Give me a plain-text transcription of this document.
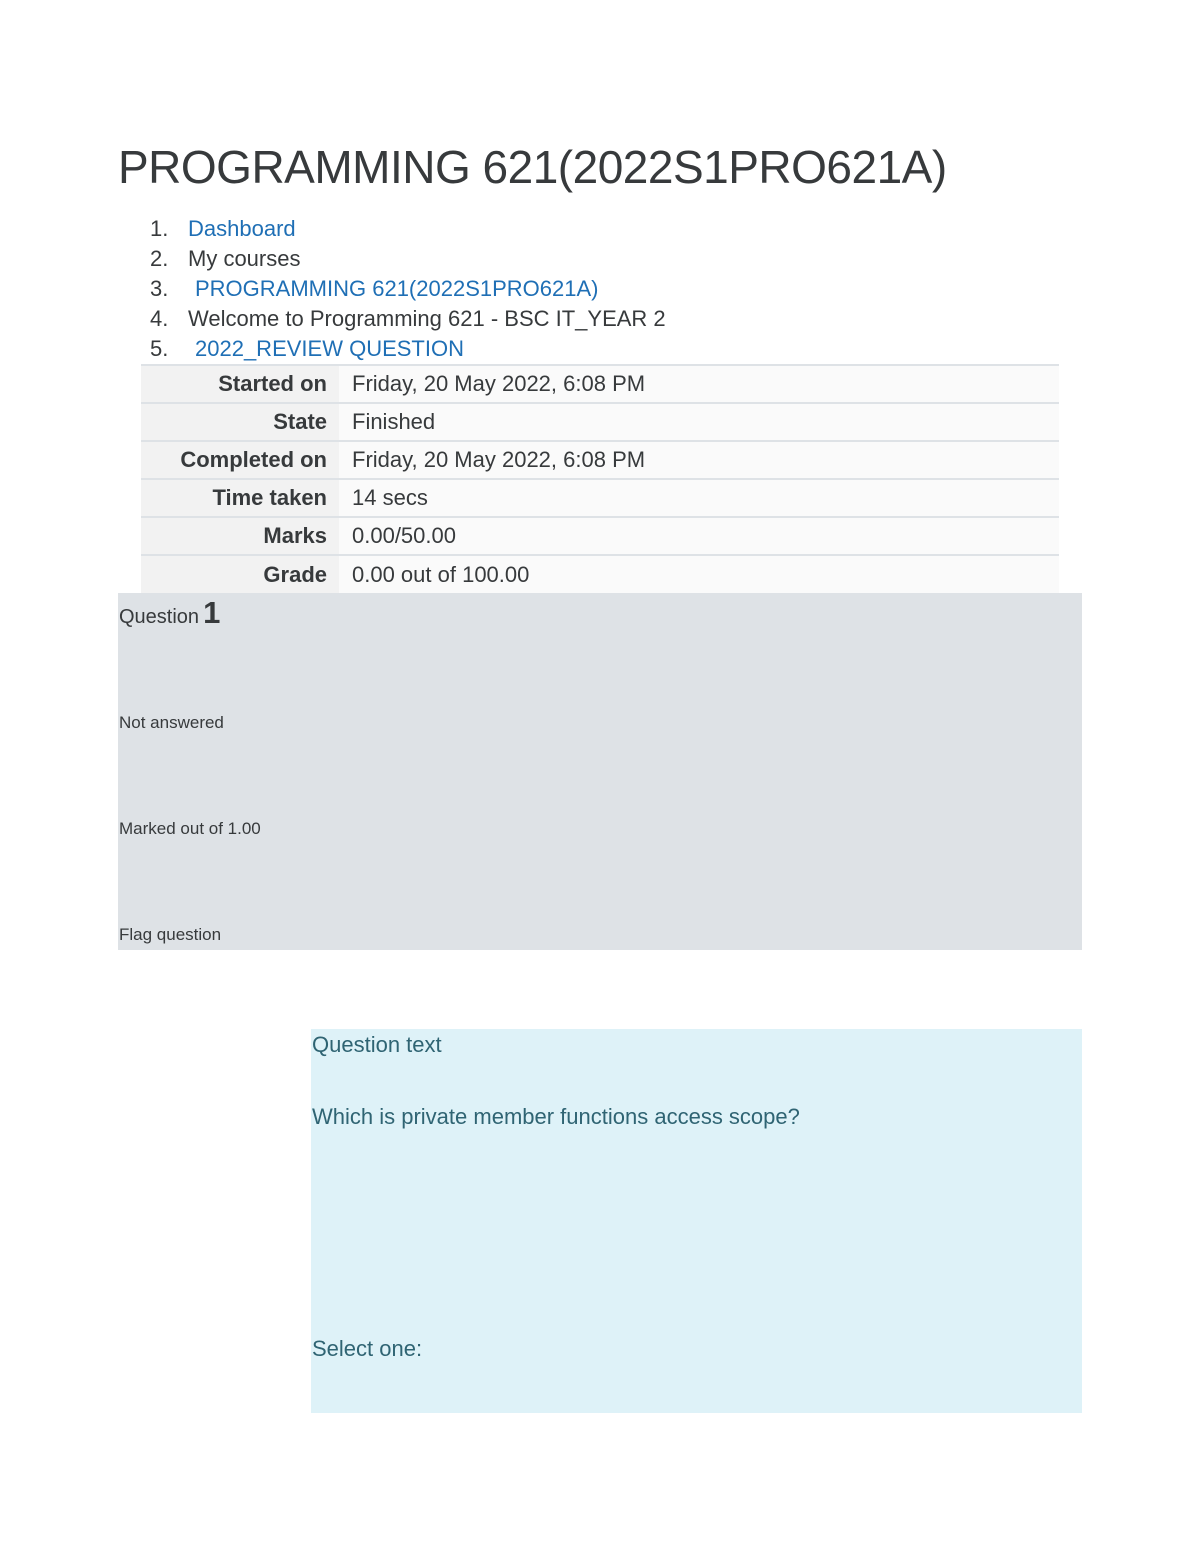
PROGRAMMING 621(2022S1PRO621A)
1. Dashboard
2. My courses
3. PROGRAMMING 621(2022S1PRO621A)
4. Welcome to Programming 621 - BSC IT_YEAR 2
5. 2022_REVIEW QUESTION
Started on	Friday, 20 May 2022, 6:08 PM
State	Finished
Completed on	Friday, 20 May 2022, 6:08 PM
Time taken	14 secs
Marks	0.00/50.00
Grade	0.00 out of 100.00
Question 1
Not answered
Marked out of 1.00
Flag question
Question text
Which is private member functions access scope?
Select one:
